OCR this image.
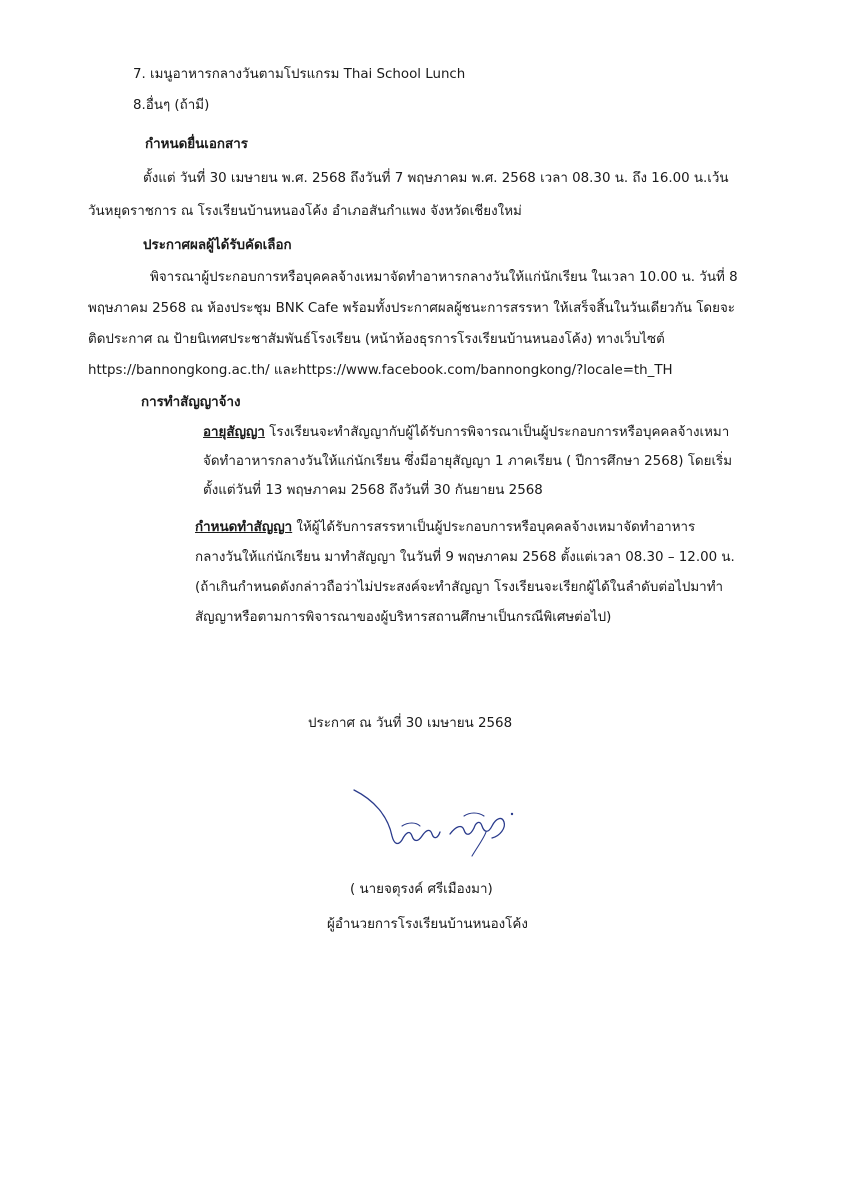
7. เมนูอาหารกลางวันตามโปรแกรม Thai School Lunch
8.อื่นๆ (ถ้ามี)
กำหนดยื่นเอกสาร
ตั้งแต่ วันที่ 30 เมษายน พ.ศ. 2568 ถึงวันที่ 7 พฤษภาคม พ.ศ. 2568 เวลา 08.30 น. ถึง 16.00 น.เว้น
วันหยุดราชการ ณ โรงเรียนบ้านหนองโค้ง อำเภอสันกำแพง จังหวัดเชียงใหม่
ประกาศผลผู้ได้รับคัดเลือก
พิจารณาผู้ประกอบการหรือบุคคลจ้างเหมาจัดทำอาหารกลางวันให้แก่นักเรียน ในเวลา 10.00 น. วันที่ 8
พฤษภาคม 2568 ณ ห้องประชุม BNK Cafe พร้อมทั้งประกาศผลผู้ชนะการสรรหา ให้เสร็จสิ้นในวันเดียวกัน โดยจะ
ติดประกาศ ณ ป้ายนิเทศประชาสัมพันธ์โรงเรียน (หน้าห้องธุรการโรงเรียนบ้านหนองโค้ง) ทางเว็บไซต์
https://bannongkong.ac.th/ และhttps://www.facebook.com/bannongkong/?locale=th_TH
การทำสัญญาจ้าง
อายุสัญญา โรงเรียนจะทำสัญญากับผู้ได้รับการพิจารณาเป็นผู้ประกอบการหรือบุคคลจ้างเหมา
จัดทำอาหารกลางวันให้แก่นักเรียน ซึ่งมีอายุสัญญา 1 ภาคเรียน ( ปีการศึกษา 2568) โดยเริ่ม
ตั้งแต่วันที่ 13 พฤษภาคม 2568 ถึงวันที่ 30 กันยายน 2568
กำหนดทำสัญญา ให้ผู้ได้รับการสรรหาเป็นผู้ประกอบการหรือบุคคลจ้างเหมาจัดทำอาหาร
กลางวันให้แก่นักเรียน มาทำสัญญา ในวันที่ 9 พฤษภาคม 2568 ตั้งแต่เวลา 08.30 – 12.00 น.
(ถ้าเกินกำหนดดังกล่าวถือว่าไม่ประสงค์จะทำสัญญา โรงเรียนจะเรียกผู้ได้ในลำดับต่อไปมาทำ
สัญญาหรือตามการพิจารณาของผู้บริหารสถานศึกษาเป็นกรณีพิเศษต่อไป)
ประกาศ ณ วันที่ 30 เมษายน 2568
( นายจตุรงค์ ศรีเมืองมา)
ผู้อำนวยการโรงเรียนบ้านหนองโค้ง
